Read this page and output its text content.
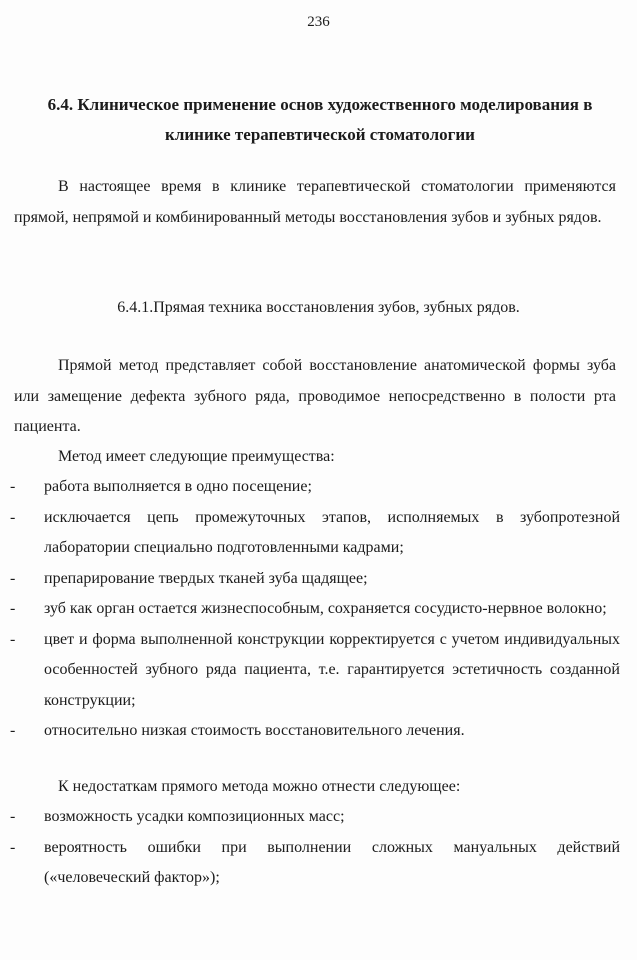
236
6.4. Клиническое применение основ художественного моделирования в
клинике терапевтической стоматологии

В настоящее время в клинике терапевтической стоматологии применяются прямой, непрямой и комбинированный методы восстановления зубов и зубных рядов.

6.4.1.Прямая техника восстановления зубов, зубных рядов.

Прямой метод представляет собой восстановление анатомической формы зуба или замещение дефекта зубного ряда, проводимое непосредственно в полости рта пациента.

Метод имеет следующие преимущества:

- работа выполняется в одно посещение;
- исключается цепь промежуточных этапов, исполняемых в зубопротезной лаборатории специально подготовленными кадрами;
- препарирование твердых тканей зуба щадящее;
- зуб как орган остается жизнеспособным, сохраняется сосудисто-нервное волокно;
- цвет и форма выполненной конструкции корректируется с учетом индивидуальных особенностей зубного ряда пациента, т.е. гарантируется эстетичность созданной конструкции;
- относительно низкая стоимость восстановительного лечения.

К недостаткам прямого метода можно отнести следующее:

- возможность усадки композиционных масс;
- вероятность ошибки при выполнении сложных мануальных действий («человеческий фактор»);
